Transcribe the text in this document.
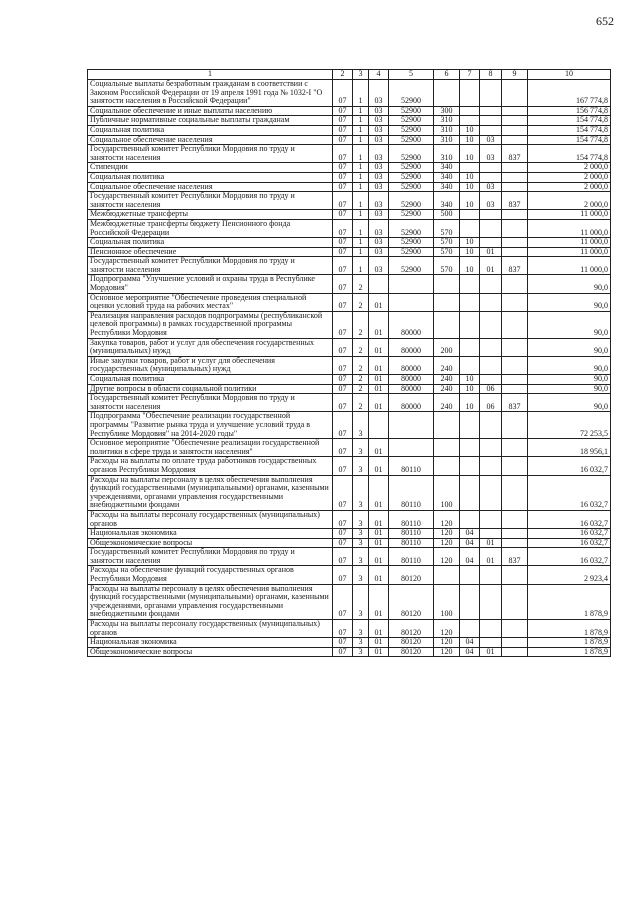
652
1	2	3	4	5	6	7	8	9	10
Социальные выплаты безработным гражданам в соответствии с Законом Российской Федерации от 19 апреля 1991 года № 1032-I "О занятости населения в Российской Федерации"	07	1	03	52900					167 774,8
Социальное обеспечение и иные выплаты населению	07	1	03	52900	300				156 774,8
Публичные нормативные социальные выплаты гражданам	07	1	03	52900	310				154 774,8
Социальная политика	07	1	03	52900	310	10			154 774,8
Социальное обеспечение населения	07	1	03	52900	310	10	03		154 774,8
Государственный комитет Республики Мордовия по труду и занятости населения	07	1	03	52900	310	10	03	837	154 774,8
Стипендии	07	1	03	52900	340				2 000,0
Социальная политика	07	1	03	52900	340	10			2 000,0
Социальное обеспечение населения	07	1	03	52900	340	10	03		2 000,0
Государственный комитет Республики Мордовия по труду и занятости населения	07	1	03	52900	340	10	03	837	2 000,0
Межбюджетные трансферты	07	1	03	52900	500				11 000,0
Межбюджетные трансферты бюджету Пенсионного фонда Российской Федерации	07	1	03	52900	570				11 000,0
Социальная политика	07	1	03	52900	570	10			11 000,0
Пенсионное обеспечение	07	1	03	52900	570	10	01		11 000,0
Государственный комитет Республики Мордовия по труду и занятости населения	07	1	03	52900	570	10	01	837	11 000,0
Подпрограмма "Улучшение условий и охраны труда в Республике Мордовия"	07	2							90,0
Основное мероприятие "Обеспечение проведения специальной оценки условий труда на рабочих местах"	07	2	01						90,0
Реализация направления расходов подпрограммы (республиканской целевой программы) в рамках государственной программы Республики Мордовия	07	2	01	80000					90,0
Закупка товаров, работ и услуг для обеспечения государственных (муниципальных) нужд	07	2	01	80000	200				90,0
Иные закупки товаров, работ и услуг для обеспечения государственных (муниципальных) нужд	07	2	01	80000	240				90,0
Социальная политика	07	2	01	80000	240	10			90,0
Другие вопросы в области социальной политики	07	2	01	80000	240	10	06		90,0
Государственный комитет Республики Мордовия по труду и занятости населения	07	2	01	80000	240	10	06	837	90,0
Подпрограмма "Обеспечение реализации государственной программы "Развитие рынка труда и улучшение условий труда в Республике Мордовия" на 2014-2020 годы"	07	3							72 253,5
Основное мероприятие "Обеспечение реализации государственной политики в сфере труда и занятости населения"	07	3	01						18 956,1
Расходы на выплаты по оплате труда работников государственных органов Республики Мордовия	07	3	01	80110					16 032,7
Расходы на выплаты персоналу в целях обеспечения выполнения функций государственными (муниципальными) органами, казенными учреждениями, органами управления государственными внебюджетными фондами	07	3	01	80110	100				16 032,7
Расходы на выплаты персоналу государственных (муниципальных) органов	07	3	01	80110	120				16 032,7
Национальная экономика	07	3	01	80110	120	04			16 032,7
Общеэкономические вопросы	07	3	01	80110	120	04	01		16 032,7
Государственный комитет Республики Мордовия по труду и занятости населения	07	3	01	80110	120	04	01	837	16 032,7
Расходы на обеспечение функций государственных органов Республики Мордовия	07	3	01	80120					2 923,4
Расходы на выплаты персоналу в целях обеспечения выполнения функций государственными (муниципальными) органами, казенными учреждениями, органами управления государственными внебюджетными фондами	07	3	01	80120	100				1 878,9
Расходы на выплаты персоналу государственных (муниципальных) органов	07	3	01	80120	120				1 878,9
Национальная экономика	07	3	01	80120	120	04			1 878,9
Общеэкономические вопросы	07	3	01	80120	120	04	01		1 878,9
